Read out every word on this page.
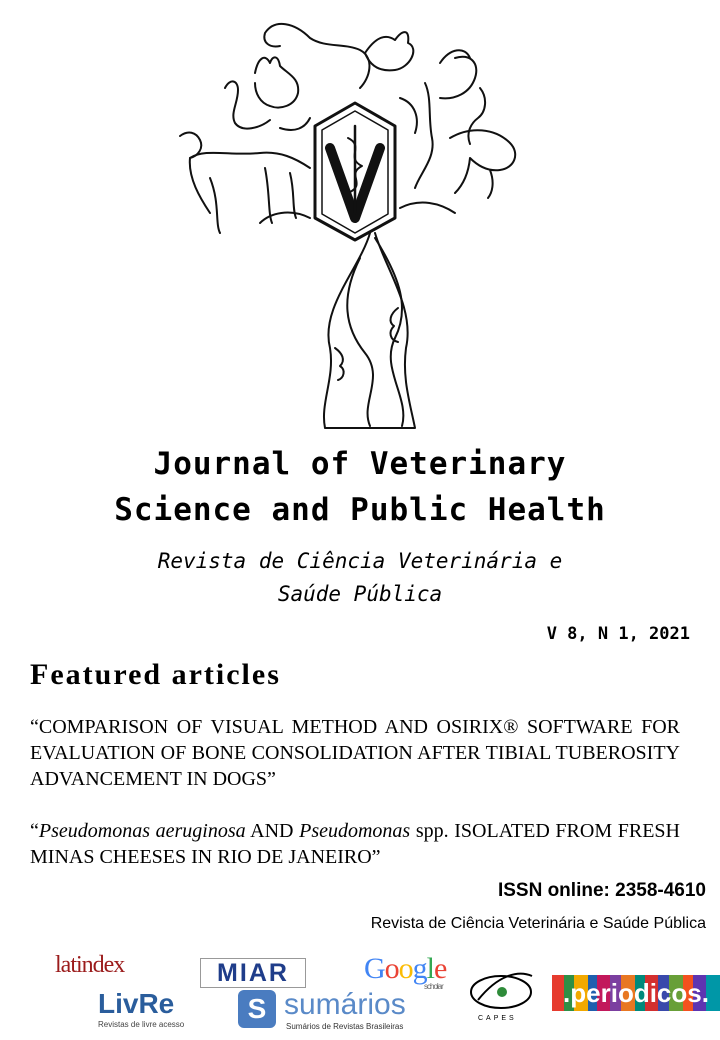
Journal of Veterinary
Science and Public Health
Revista de Ciência Veterinária e
Saúde Pública
V 8, N 1, 2021
Featured articles
“COMPARISON OF VISUAL METHOD AND OSIRIX® SOFTWARE FOR EVALUATION OF BONE CONSOLIDATION AFTER TIBIAL TUBEROSITY ADVANCEMENT IN DOGS”
“Pseudomonas aeruginosa AND Pseudomonas spp. ISOLATED FROM FRESH MINAS CHEESES IN RIO DE JANEIRO”
ISSN online: 2358-4610
Revista de Ciência Veterinária e Saúde Pública
latindex	MIAR	Google
scholar
CAPES
.periodicos.
LivRe
Revistas de livre acesso
S sumários
Sumários de Revistas Brasileiras
